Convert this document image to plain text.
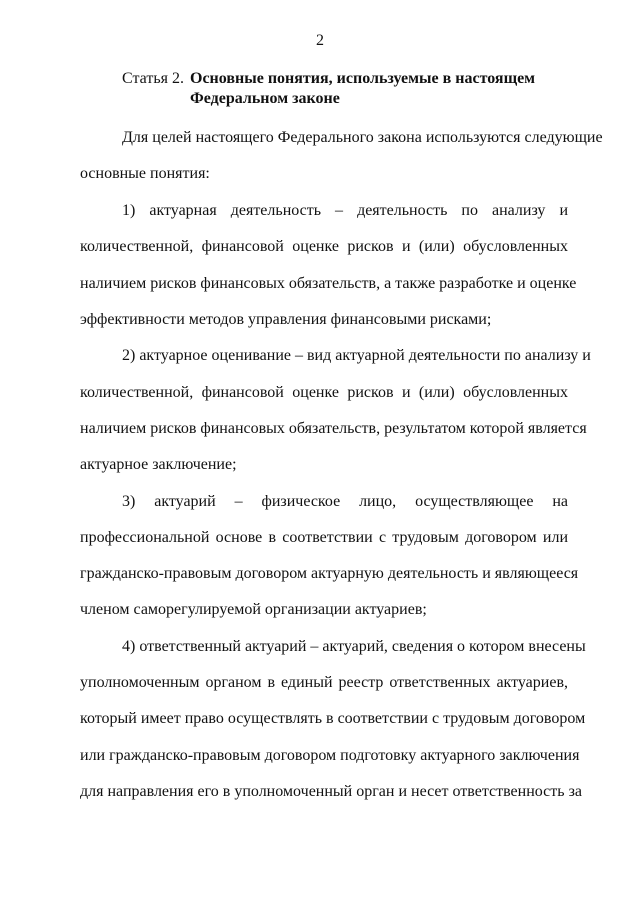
2
Статья 2. Основные понятия, используемые в настоящем
Федеральном законе
Для целей настоящего Федерального закона используются следующие
основные понятия:
1) актуарная деятельность – деятельность по анализу и
количественной, финансовой оценке рисков и (или) обусловленных
наличием рисков финансовых обязательств, а также разработке и оценке
эффективности методов управления финансовыми рисками;
2) актуарное оценивание – вид актуарной деятельности по анализу и
количественной, финансовой оценке рисков и (или) обусловленных
наличием рисков финансовых обязательств, результатом которой является
актуарное заключение;
3) актуарий – физическое лицо, осуществляющее на
профессиональной основе в соответствии с трудовым договором или
гражданско-правовым договором актуарную деятельность и являющееся
членом саморегулируемой организации актуариев;
4) ответственный актуарий – актуарий, сведения о котором внесены
уполномоченным органом в единый реестр ответственных актуариев,
который имеет право осуществлять в соответствии с трудовым договором
или гражданско-правовым договором подготовку актуарного заключения
для направления его в уполномоченный орган и несет ответственность за
